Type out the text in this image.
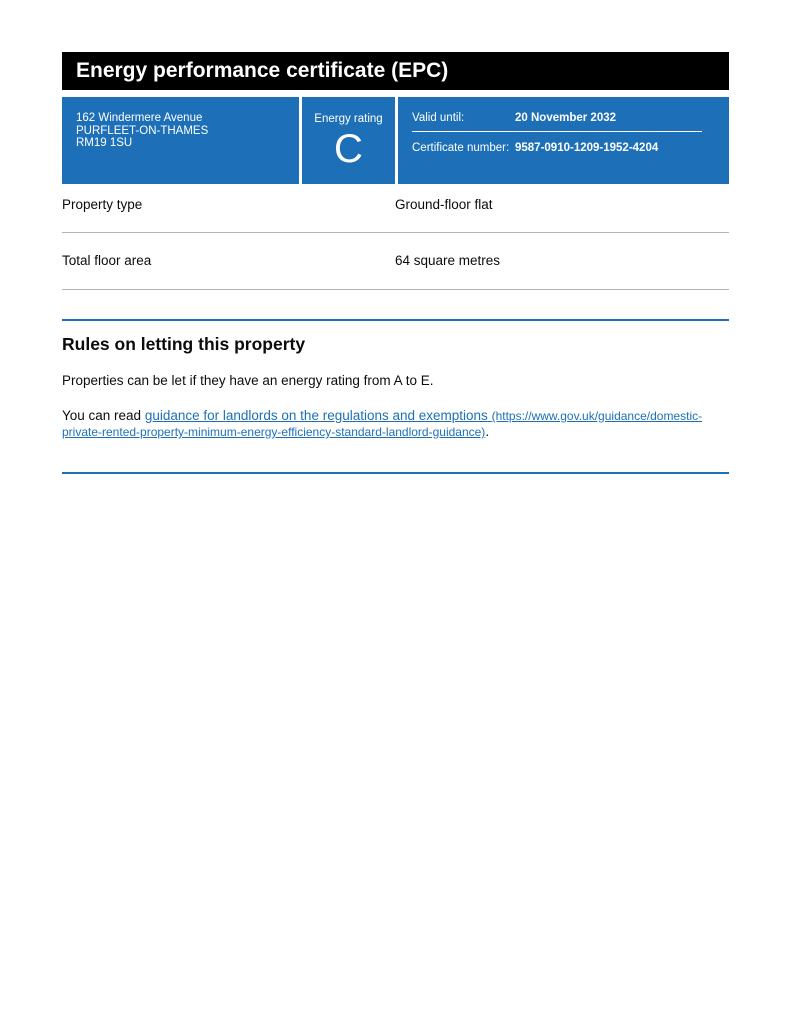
Energy performance certificate (EPC)
162 Windermere Avenue
PURFLEET-ON-THAMES
RM19 1SU
Energy rating
C
Valid until:	20 November 2032
Certificate number: 9587-0910-1209-1952-4204
Property type	Ground-floor flat
Total floor area	64 square metres
Rules on letting this property
Properties can be let if they have an energy rating from A to E.
You can read guidance for landlords on the regulations and exemptions (https://www.gov.uk/guidance/domestic-
private-rented-property-minimum-energy-efficiency-standard-landlord-guidance).
